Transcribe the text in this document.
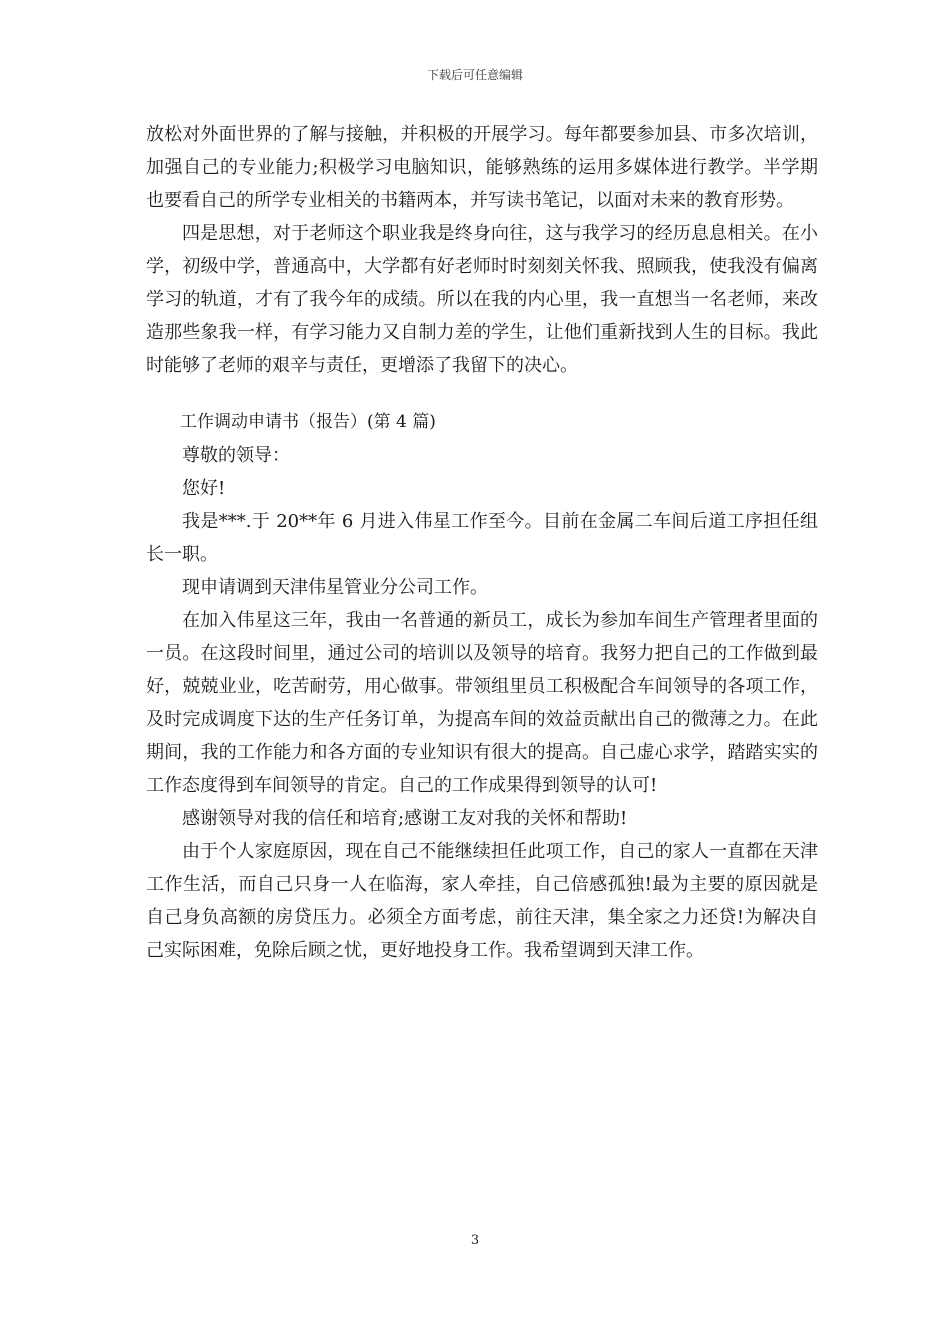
下载后可任意编辑

放松对外面世界的了解与接触，并积极的开展学习。每年都要参加县、市多次培训，加强自己的专业能力;积极学习电脑知识，能够熟练的运用多媒体进行教学。半学期也要看自己的所学专业相关的书籍两本，并写读书笔记，以面对未来的教育形势。

四是思想，对于老师这个职业我是终身向往，这与我学习的经历息息相关。在小学，初级中学，普通高中，大学都有好老师时时刻刻关怀我、照顾我，使我没有偏离学习的轨道，才有了我今年的成绩。所以在我的内心里，我一直想当一名老师，来改造那些象我一样，有学习能力又自制力差的学生，让他们重新找到人生的目标。我此时能够了老师的艰辛与责任，更增添了我留下的决心。

工作调动申请书（报告）(第 4 篇)

尊敬的领导：

您好!

我是***.于 20**年 6 月进入伟星工作至今。目前在金属二车间后道工序担任组长一职。

现申请调到天津伟星管业分公司工作。

在加入伟星这三年，我由一名普通的新员工，成长为参加车间生产管理者里面的一员。在这段时间里，通过公司的培训以及领导的培育。我努力把自己的工作做到最好，兢兢业业，吃苦耐劳，用心做事。带领组里员工积极配合车间领导的各项工作，及时完成调度下达的生产任务订单，为提高车间的效益贡献出自己的微薄之力。在此期间，我的工作能力和各方面的专业知识有很大的提高。自己虚心求学，踏踏实实的工作态度得到车间领导的肯定。自己的工作成果得到领导的认可!

感谢领导对我的信任和培育;感谢工友对我的关怀和帮助!

由于个人家庭原因，现在自己不能继续担任此项工作，自己的家人一直都在天津工作生活，而自己只身一人在临海，家人牵挂，自己倍感孤独!最为主要的原因就是自己身负高额的房贷压力。必须全方面考虑，前往天津，集全家之力还贷!为解决自己实际困难，免除后顾之忧，更好地投身工作。我希望调到天津工作。

3
